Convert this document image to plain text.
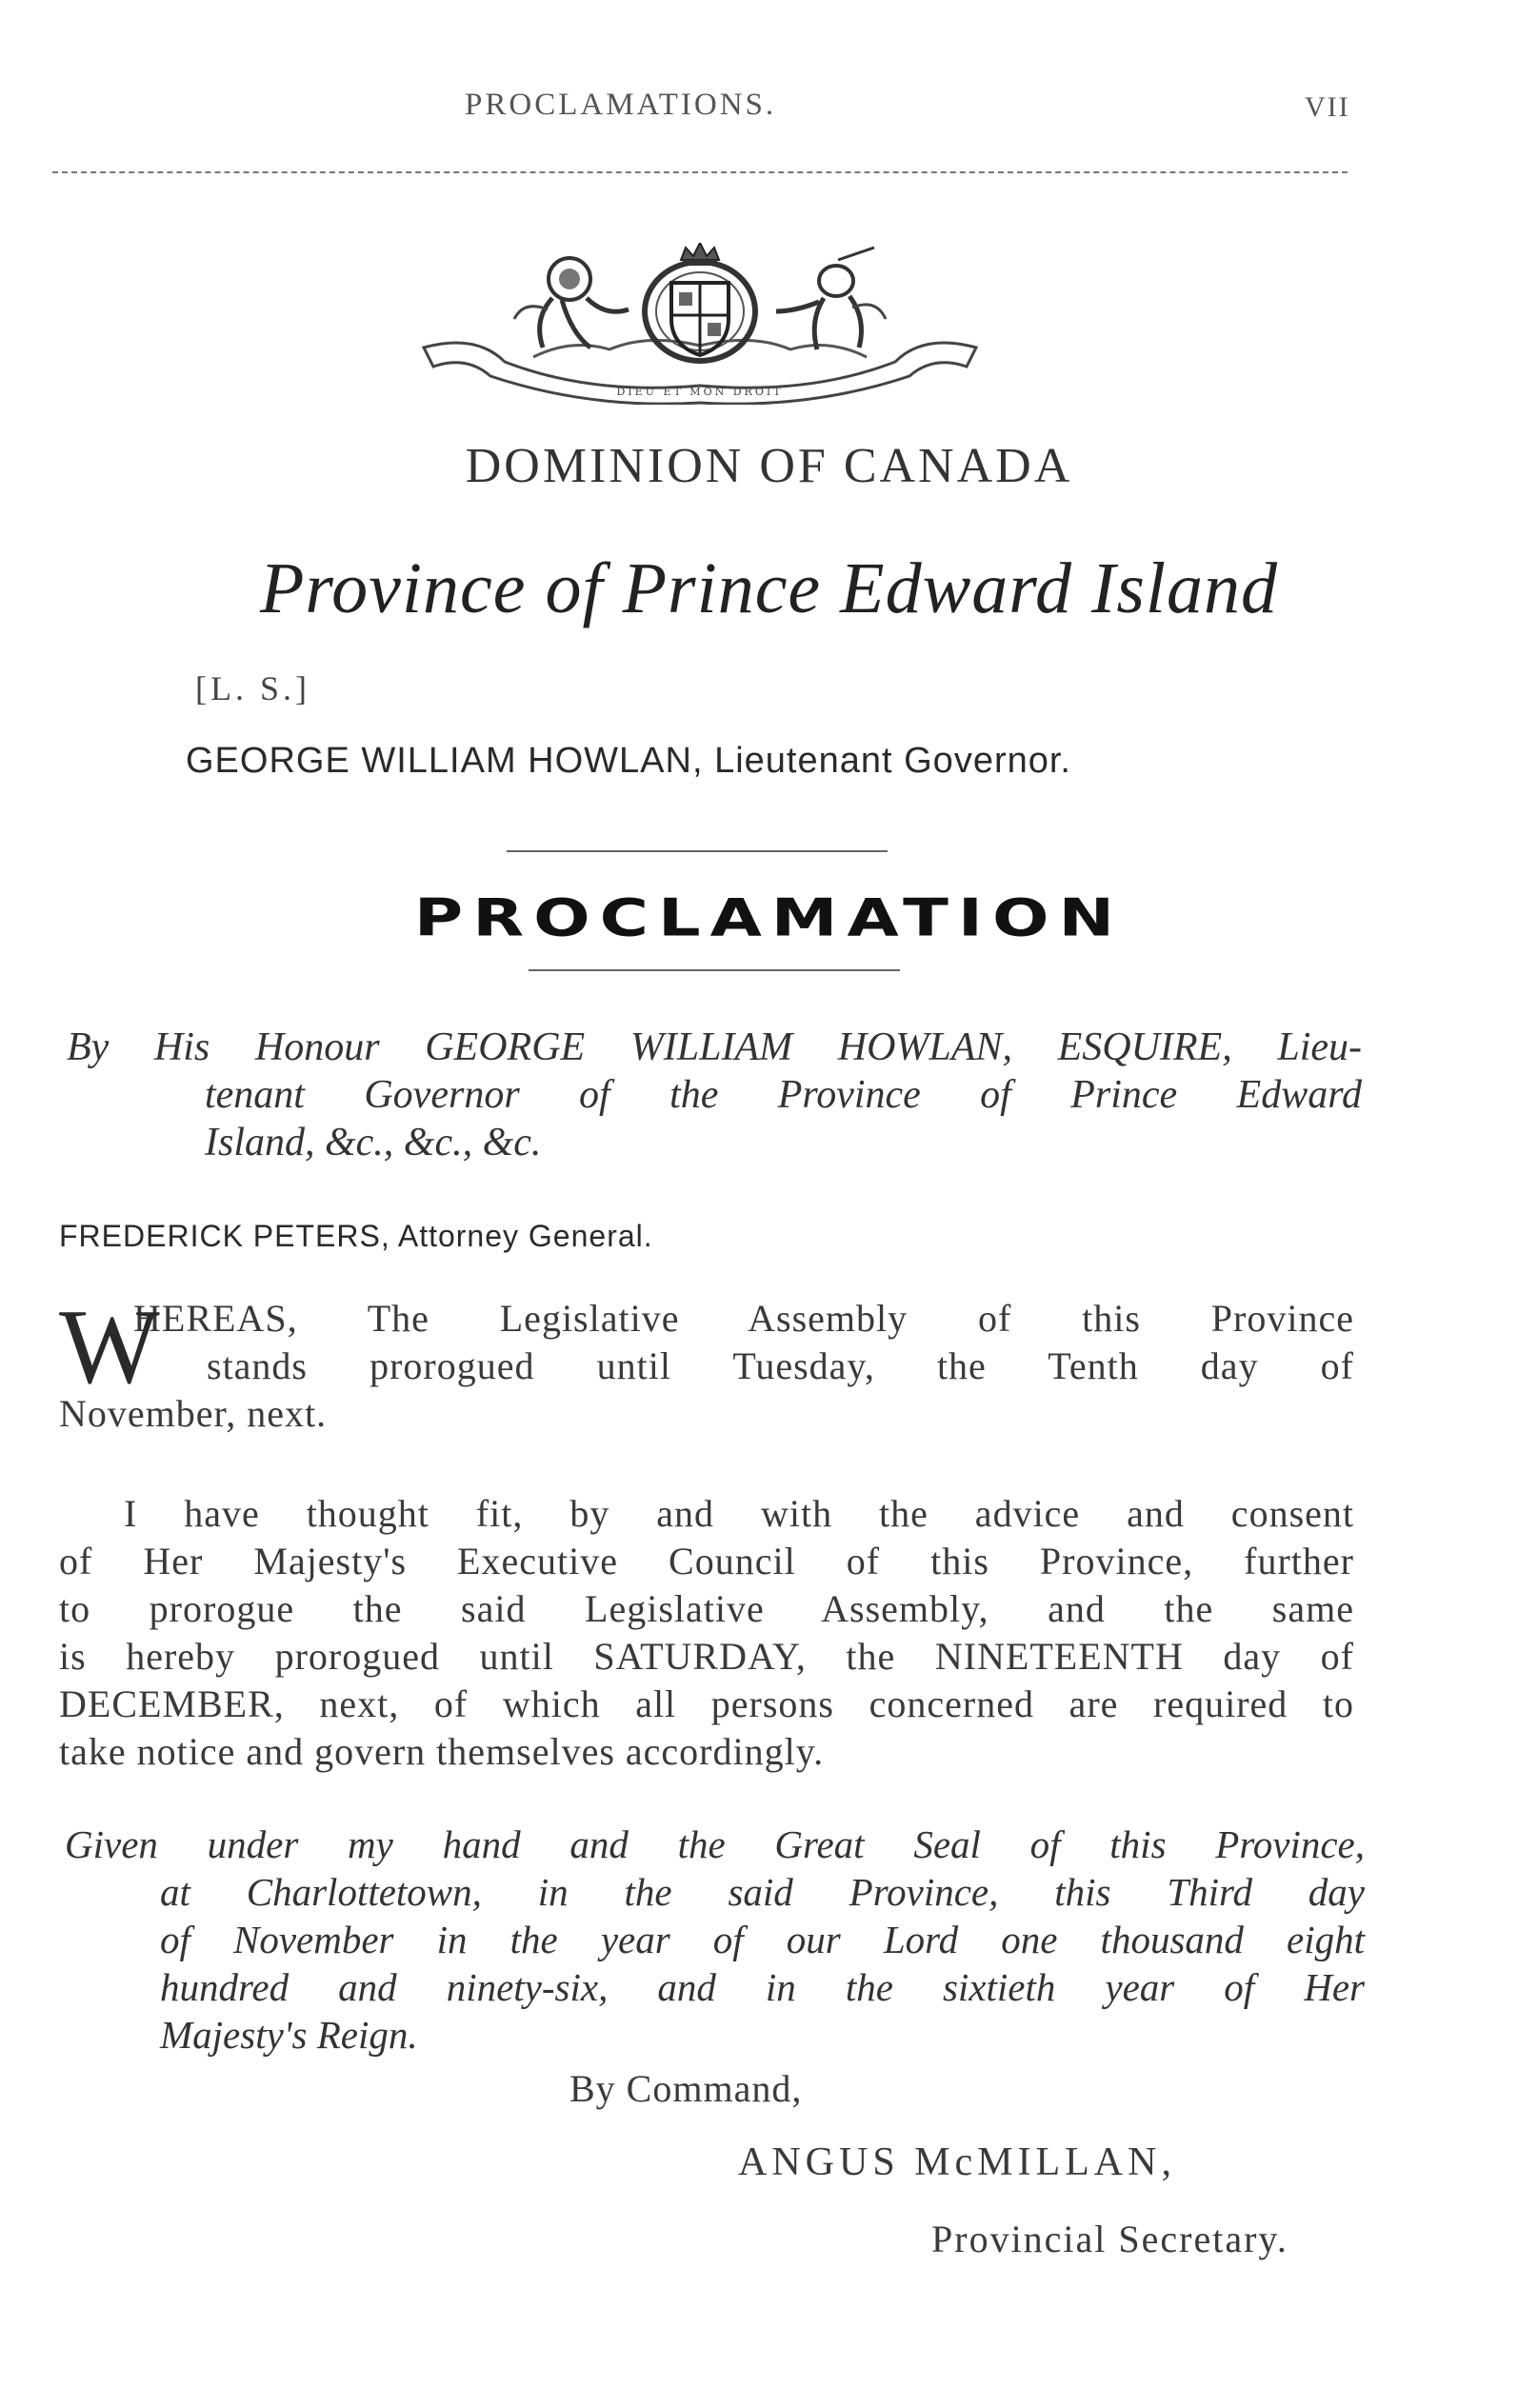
PROCLAMATIONS.	VII
DIEU ET MON DROIT
DOMINION OF CANADA
Province of Prince Edward Island
[L. S.]
GEORGE WILLIAM HOWLAN, Lieutenant Governor.
PROCLAMATION

By His Honour GEORGE WILLIAM HOWLAN, ESQUIRE, Lieu-

tenant Governor of the Province of Prince Edward

Island, &c., &c., &c.

FREDERICK PETERS, Attorney General.
W

HEREAS, The Legislative Assembly of this Province

stands prorogued until Tuesday, the Tenth day of

November, next.

I have thought fit, by and with the advice and consent

of Her Majesty's Executive Council of this Province, further

to prorogue the said Legislative Assembly, and the same

is hereby prorogued until SATURDAY, the NINETEENTH day of

DECEMBER, next, of which all persons concerned are required to

take notice and govern themselves accordingly.

Given under my hand and the Great Seal of this Province,

at Charlottetown, in the said Province, this Third day

of November in the year of our Lord one thousand eight

hundred and ninety-six, and in the sixtieth year of Her

Majesty's Reign.

By Command,
ANGUS McMILLAN,
Provincial Secretary.
